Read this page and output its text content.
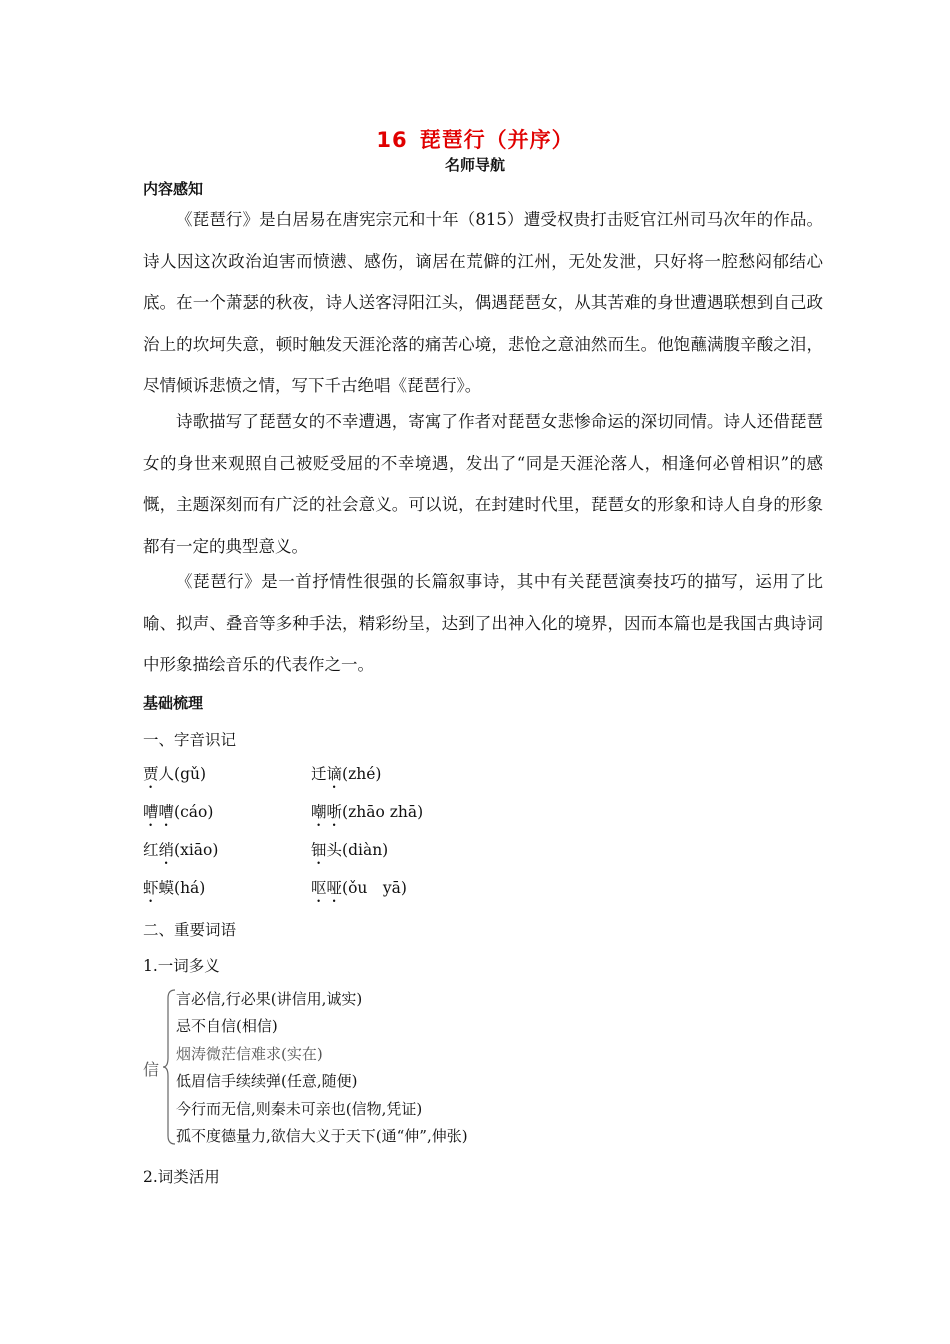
16 琵琶行（并序）
名师导航
内容感知

《琵琶行》是白居易在唐宪宗元和十年（815）遭受权贵打击贬官江州司马次年的作品。诗人因这次政治迫害而愤懑、感伤，谪居在荒僻的江州，无处发泄，只好将一腔愁闷郁结心底。在一个萧瑟的秋夜，诗人送客浔阳江头，偶遇琵琶女，从其苦难的身世遭遇联想到自己政治上的坎坷失意，顿时触发天涯沦落的痛苦心境，悲怆之意油然而生。他饱蘸满腹辛酸之泪，尽情倾诉悲愤之情，写下千古绝唱《琵琶行》。

诗歌描写了琵琶女的不幸遭遇，寄寓了作者对琵琶女悲惨命运的深切同情。诗人还借琵琶女的身世来观照自己被贬受屈的不幸境遇，发出了“同是天涯沦落人，相逢何必曾相识”的感慨，主题深刻而有广泛的社会意义。可以说，在封建时代里，琵琶女的形象和诗人自身的形象都有一定的典型意义。

《琵琶行》是一首抒情性很强的长篇叙事诗，其中有关琵琶演奏技巧的描写，运用了比喻、拟声、叠音等多种手法，精彩纷呈，达到了出神入化的境界，因而本篇也是我国古典诗词中形象描绘音乐的代表作之一。

基础梳理
一、字音识记
贾人(gǔ)	迁谪(zhé)
嘈嘈(cáo)	嘲哳(zhāo zhā)
红绡(xiāo)	钿头(diàn)
虾蟆(há)	呕哑(ǒu　yā)
二、重要词语
1.一词多义
信
言必信,行必果(讲信用,诚实)
忌不自信(相信)
烟涛微茫信难求(实在)
低眉信手续续弹(任意,随便)
今行而无信,则秦未可亲也(信物,凭证)
孤不度德量力,欲信大义于天下(通“伸”,伸张)
2.词类活用
